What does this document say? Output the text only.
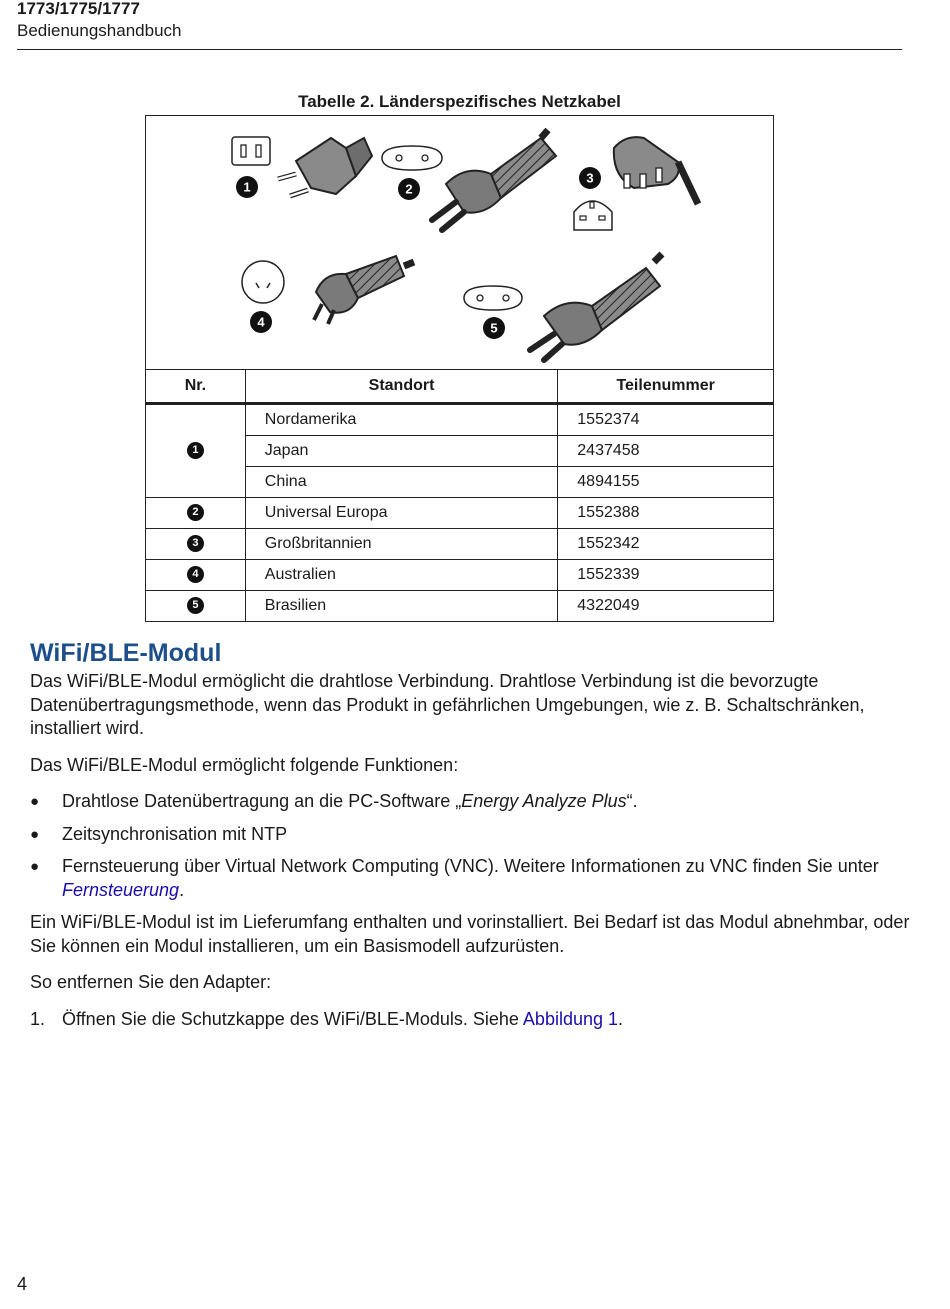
1773/1775/1777
Bedienungshandbuch
Tabelle 2. Länderspezifisches Netzkabel
1	2
3
4	5
Nr.	Standort	Teilenummer
1	Nordamerika	1552374
	Japan	2437458
	China	4894155
2	Universal Europa	1552388
3	Großbritannien	1552342
4	Australien	1552339
5	Brasilien	4322049
WiFi/BLE-Modul

Das WiFi/BLE-Modul ermöglicht die drahtlose Verbindung. Drahtlose Verbindung ist die bevorzugte Datenübertragungsmethode, wenn das Produkt in gefährlichen Umgebungen, wie z. B. Schaltschränken, installiert wird.

Das WiFi/BLE-Modul ermöglicht folgende Funktionen:

● Drahtlose Datenübertragung an die PC-Software „Energy Analyze Plus“.
● Zeitsynchronisation mit NTP
● Fernsteuerung über Virtual Network Computing (VNC). Weitere Informationen zu VNC finden Sie unter Fernsteuerung.

Ein WiFi/BLE-Modul ist im Lieferumfang enthalten und vorinstalliert. Bei Bedarf ist das Modul abnehmbar, oder Sie können ein Modul installieren, um ein Basismodell aufzurüsten.

So entfernen Sie den Adapter:

1. Öffnen Sie die Schutzkappe des WiFi/BLE-Moduls. Siehe Abbildung 1.
4
